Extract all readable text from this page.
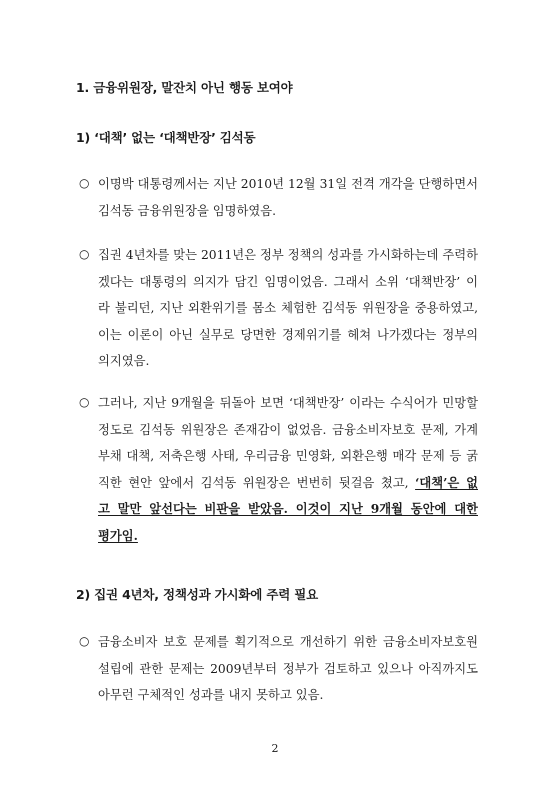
1. 금융위원장, 말잔치 아닌 행동 보여야
1) ‘대책’ 없는 ‘대책반장’ 김석동
○ 이명박 대통령께서는 지난 2010년 12월 31일 전격 개각을 단행하면서
김석동 금융위원장을 임명하였음.
○ 집권 4년차를 맞는 2011년은 정부 정책의 성과를 가시화하는데 주력하
겠다는 대통령의 의지가 담긴 임명이었음. 그래서 소위 ‘대책반장’ 이
라 불리던, 지난 외환위기를 몸소 체험한 김석동 위원장을 중용하였고,
이는 이론이 아닌 실무로 당면한 경제위기를 헤쳐 나가겠다는 정부의
의지였음.
○ 그러나, 지난 9개월을 뒤돌아 보면 ‘대책반장’ 이라는 수식어가 민망할
정도로 김석동 위원장은 존재감이 없었음. 금융소비자보호 문제, 가계
부채 대책, 저축은행 사태, 우리금융 민영화, 외환은행 매각 문제 등 굵
직한 현안 앞에서 김석동 위원장은 번번히 뒷걸음 쳤고, ‘대책’은 없
고 말만 앞선다는 비판을 받았음. 이것이 지난 9개월 동안에 대한
평가임.
2) 집권 4년차, 정책성과 가시화에 주력 필요
○ 금융소비자 보호 문제를 획기적으로 개선하기 위한 금융소비자보호원
설립에 관한 문제는 2009년부터 정부가 검토하고 있으나 아직까지도
아무런 구체적인 성과를 내지 못하고 있음.
2
